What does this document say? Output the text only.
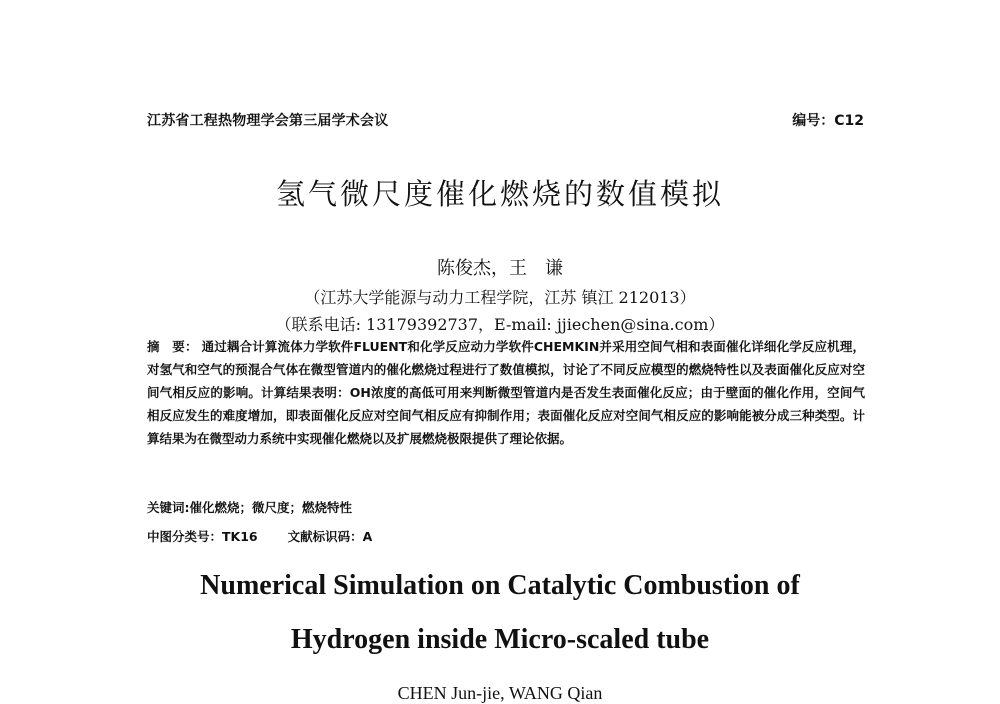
江苏省工程热物理学会第三届学术会议	编号：C12
氢气微尺度催化燃烧的数值模拟
陈俊杰，王　谦
（江苏大学能源与动力工程学院，江苏 镇江 212013）
（联系电话: 13179392737，E-mail: jjiechen@sina.com）
摘　要： 通过耦合计算流体力学软件FLUENT和化学反应动力学软件CHEMKIN并采用空间气相和表面催化详细化学反应机理，对氢气和空气的预混合气体在微型管道内的催化燃烧过程进行了数值模拟，讨论了不同反应模型的燃烧特性以及表面催化反应对空间气相反应的影响。计算结果表明：OH浓度的高低可用来判断微型管道内是否发生表面催化反应；由于壁面的催化作用，空间气相反应发生的难度增加，即表面催化反应对空间气相反应有抑制作用；表面催化反应对空间气相反应的影响能被分成三种类型。计算结果为在微型动力系统中实现催化燃烧以及扩展燃烧极限提供了理论依据。
关键词:催化燃烧；微尺度；燃烧特性
中图分类号：TK16 文献标识码：A
Numerical Simulation on Catalytic Combustion of
Hydrogen inside Micro-scaled tube
CHEN Jun-jie, WANG Qian
